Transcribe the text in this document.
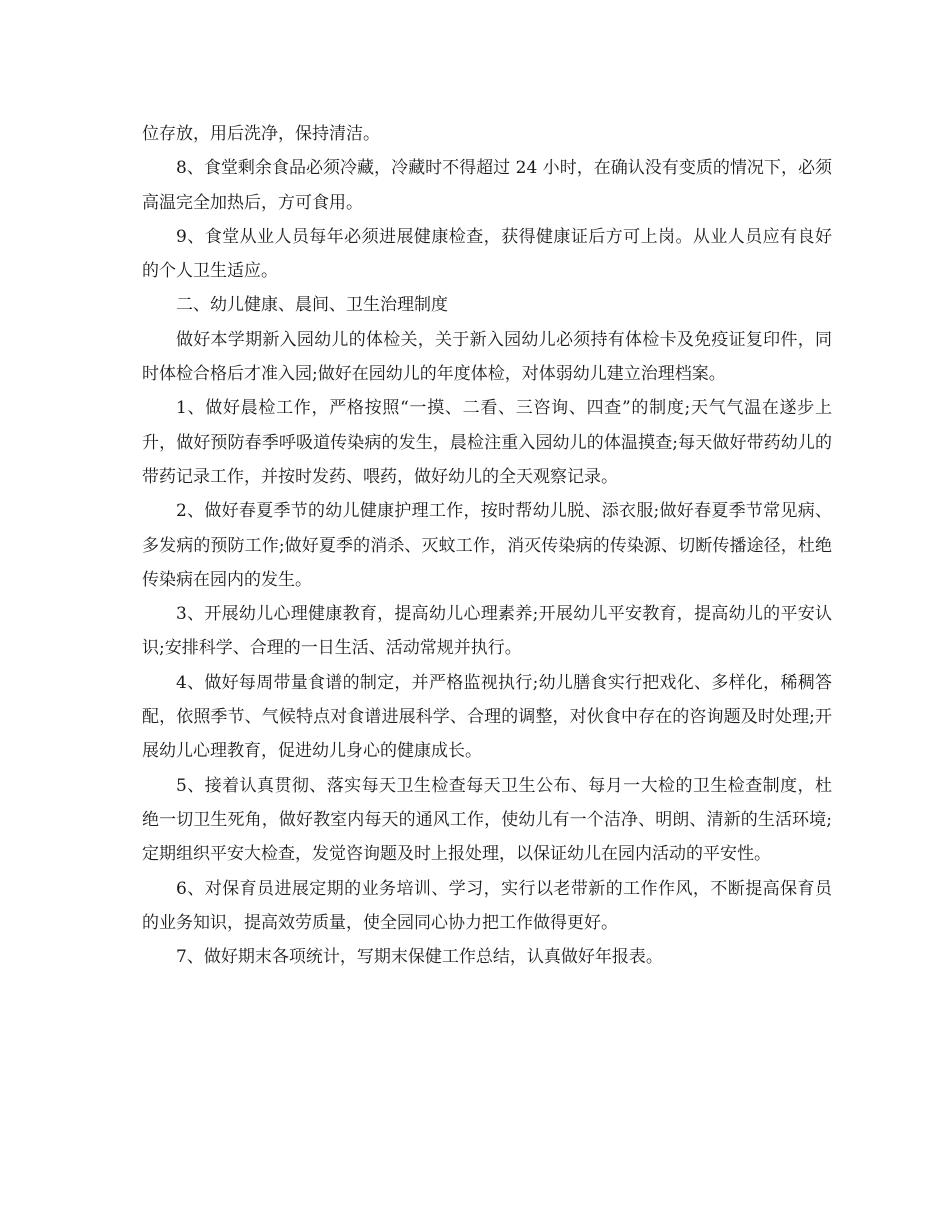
位存放，用后洗净，保持清洁。

8、食堂剩余食品必须冷藏，冷藏时不得超过 24 小时，在确认没有变质的情况下，必须高温完全加热后，方可食用。

9、食堂从业人员每年必须进展健康检查，获得健康证后方可上岗。从业人员应有良好的个人卫生适应。

二、幼儿健康、晨间、卫生治理制度

做好本学期新入园幼儿的体检关，关于新入园幼儿必须持有体检卡及免疫证复印件，同时体检合格后才准入园;做好在园幼儿的年度体检，对体弱幼儿建立治理档案。

1、做好晨检工作，严格按照“一摸、二看、三咨询、四查”的制度;天气气温在遂步上升，做好预防春季呼吸道传染病的发生，晨检注重入园幼儿的体温摸查;每天做好带药幼儿的带药记录工作，并按时发药、喂药，做好幼儿的全天观察记录。

2、做好春夏季节的幼儿健康护理工作，按时帮幼儿脱、添衣服;做好春夏季节常见病、多发病的预防工作;做好夏季的消杀、灭蚊工作，消灭传染病的传染源、切断传播途径，杜绝传染病在园内的发生。

3、开展幼儿心理健康教育，提高幼儿心理素养;开展幼儿平安教育，提高幼儿的平安认识;安排科学、合理的一日生活、活动常规并执行。

4、做好每周带量食谱的制定，并严格监视执行;幼儿膳食实行把戏化、多样化，稀稠答配，依照季节、气候特点对食谱进展科学、合理的调整，对伙食中存在的咨询题及时处理;开展幼儿心理教育，促进幼儿身心的健康成长。

5、接着认真贯彻、落实每天卫生检查每天卫生公布、每月一大检的卫生检查制度，杜绝一切卫生死角，做好教室内每天的通风工作，使幼儿有一个洁净、明朗、清新的生活环境;定期组织平安大检查，发觉咨询题及时上报处理，以保证幼儿在园内活动的平安性。

6、对保育员进展定期的业务培训、学习，实行以老带新的工作作风，不断提高保育员的业务知识，提高效劳质量，使全园同心协力把工作做得更好。

7、做好期末各项统计，写期末保健工作总结，认真做好年报表。
